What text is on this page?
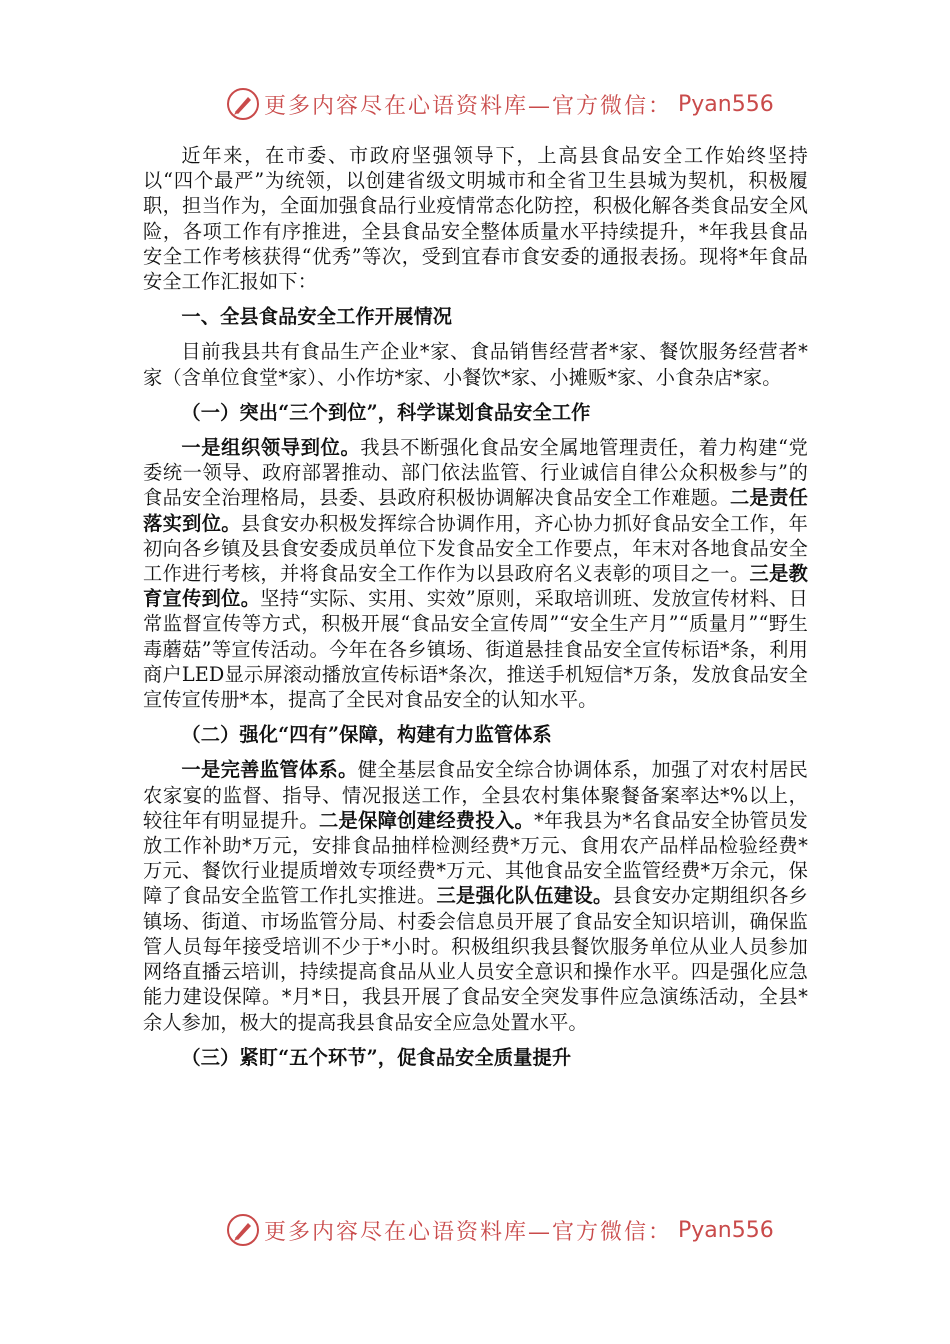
更多内容尽在心语资料库—官方微信： Pyan556

近年来，在市委、市政府坚强领导下，上高县食品安全工作始终坚持以“四个最严”为统领，以创建省级文明城市和全省卫生县城为契机，积极履职，担当作为，全面加强食品行业疫情常态化防控，积极化解各类食品安全风险，各项工作有序推进，全县食品安全整体质量水平持续提升，*年我县食品安全工作考核获得“优秀”等次，受到宜春市食安委的通报表扬。现将*年食品安全工作汇报如下：

一、全县食品安全工作开展情况

目前我县共有食品生产企业*家、食品销售经营者*家、餐饮服务经营者*家（含单位食堂*家）、小作坊*家、小餐饮*家、小摊贩*家、小食杂店*家。

（一）突出“三个到位”，科学谋划食品安全工作

一是组织领导到位。我县不断强化食品安全属地管理责任，着力构建“党委统一领导、政府部署推动、部门依法监管、行业诚信自律公众积极参与”的食品安全治理格局，县委、县政府积极协调解决食品安全工作难题。二是责任落实到位。县食安办积极发挥综合协调作用，齐心协力抓好食品安全工作，年初向各乡镇及县食安委成员单位下发食品安全工作要点，年末对各地食品安全工作进行考核，并将食品安全工作作为以县政府名义表彰的项目之一。三是教育宣传到位。坚持“实际、实用、实效”原则，采取培训班、发放宣传材料、日常监督宣传等方式，积极开展“食品安全宣传周”“安全生产月”“质量月”“野生毒蘑菇”等宣传活动。今年在各乡镇场、街道悬挂食品安全宣传标语*条，利用商户LED显示屏滚动播放宣传标语*条次，推送手机短信*万条，发放食品安全宣传宣传册*本，提高了全民对食品安全的认知水平。

（二）强化“四有”保障，构建有力监管体系

一是完善监管体系。健全基层食品安全综合协调体系，加强了对农村居民农家宴的监督、指导、情况报送工作，全县农村集体聚餐备案率达*%以上，较往年有明显提升。二是保障创建经费投入。*年我县为*名食品安全协管员发放工作补助*万元，安排食品抽样检测经费*万元、食用农产品样品检验经费*万元、餐饮行业提质增效专项经费*万元、其他食品安全监管经费*万余元，保障了食品安全监管工作扎实推进。三是强化队伍建设。县食安办定期组织各乡镇场、街道、市场监管分局、村委会信息员开展了食品安全知识培训，确保监管人员每年接受培训不少于*小时。积极组织我县餐饮服务单位从业人员参加网络直播云培训，持续提高食品从业人员安全意识和操作水平。四是强化应急能力建设保障。*月*日，我县开展了食品安全突发事件应急演练活动，全县*余人参加，极大的提高我县食品安全应急处置水平。

（三）紧盯“五个环节”，促食品安全质量提升

更多内容尽在心语资料库—官方微信： Pyan556
